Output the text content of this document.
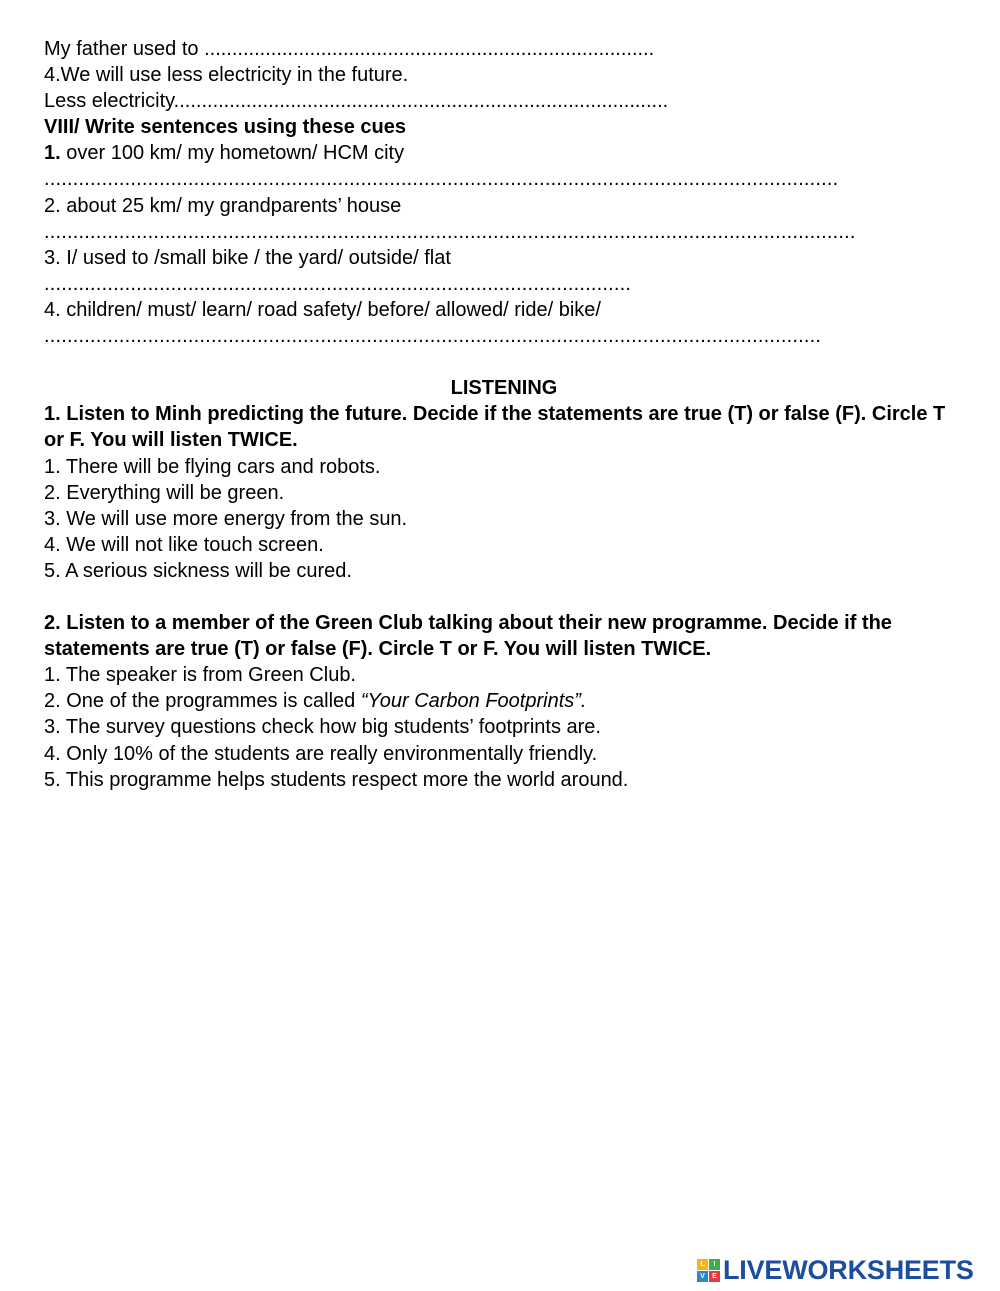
My father used to .................................................................................
4.We will use less electricity in the future.
Less electricity.........................................................................................
VIII/ Write sentences using these cues
1. over 100 km/ my hometown/ HCM city
..........................................................................................................................................
2. about 25 km/ my grandparents’ house
.............................................................................................................................................
3. I/ used to /small bike / the yard/ outside/ flat
......................................................................................................
4. children/ must/ learn/ road safety/ before/ allowed/ ride/ bike/
.......................................................................................................................................
LISTENING
1. Listen to Minh predicting the future. Decide if the statements are true (T) or false (F). Circle T or F. You will listen TWICE.
1. There will be flying cars and robots.
2. Everything will be green.
3. We will use more energy from the sun.
4. We will not like touch screen.
5. A serious sickness will be cured.
2. Listen to a member of the Green Club talking about their new programme. Decide if the statements are true (T) or false (F). Circle T or F. You will listen TWICE.
1. The speaker is from Green Club.
2. One of the programmes is called “Your Carbon Footprints”.
3. The survey questions check how big students’ footprints are.
4. Only 10% of the students are really environmentally friendly.
5. This programme helps students respect more the world around.
L	I
V	E LIVEWORKSHEETS
